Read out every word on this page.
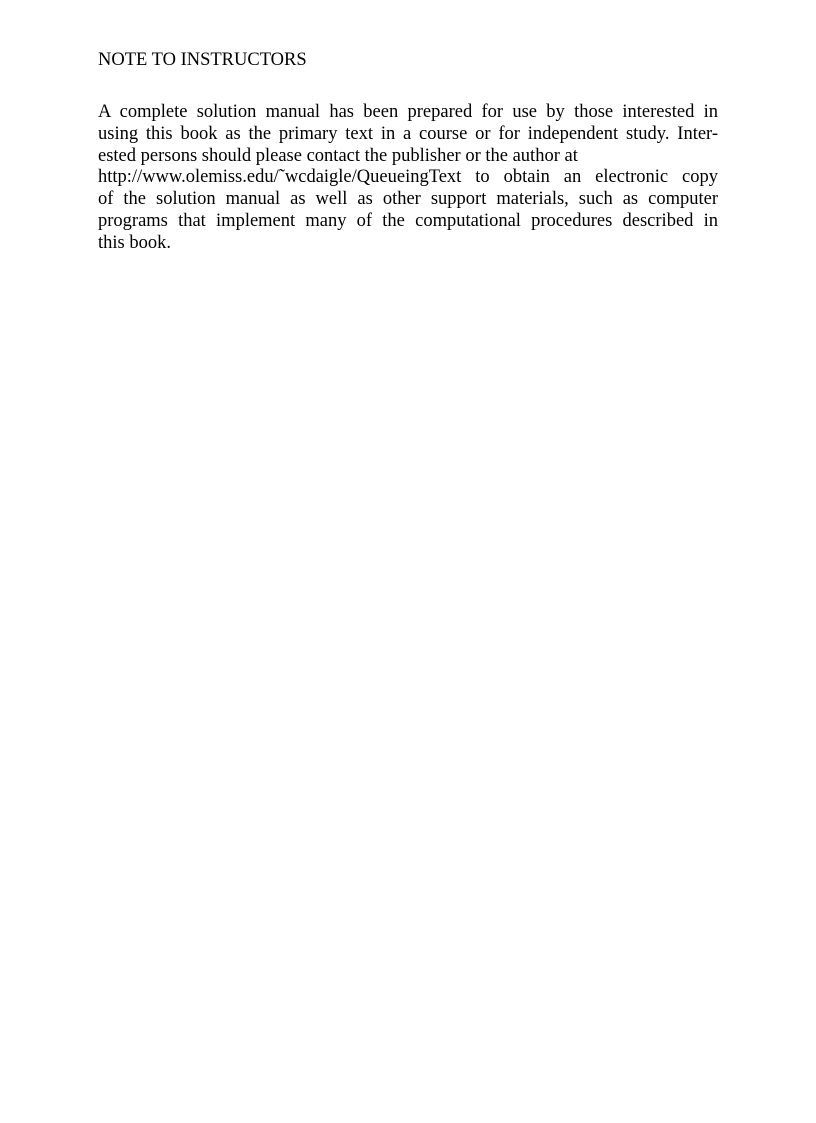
NOTE TO INSTRUCTORS
A complete solution manual has been prepared for use by those interested in
using this book as the primary text in a course or for independent study. Inter-
ested persons should please contact the publisher or the author at
http://www.olemiss.edu/˜wcdaigle/QueueingText to obtain an electronic copy
of the solution manual as well as other support materials, such as computer
programs that implement many of the computational procedures described in
this book.
